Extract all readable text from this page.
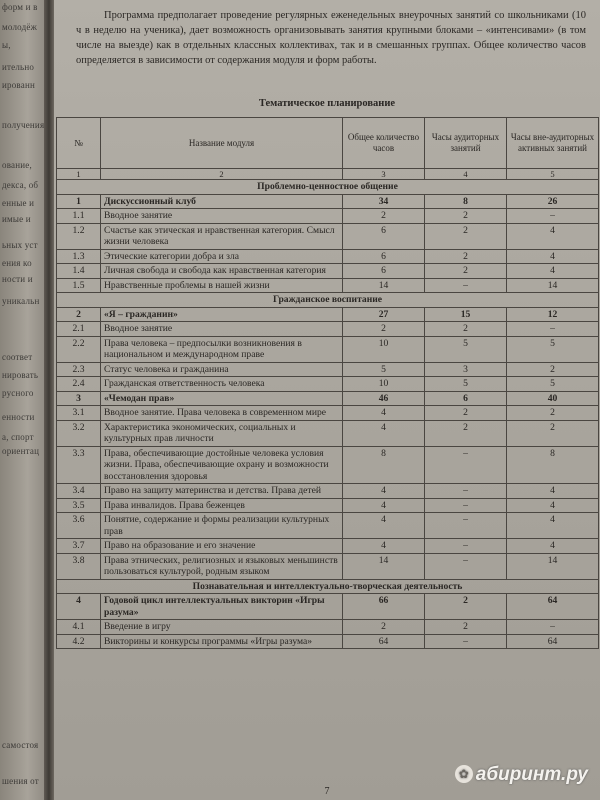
форм и в
молодёж
ы,
ительно
ированн
получения
ование,
декса, об
енные и
имые и
ьных уст
ения ко
ности и
уникальн
соответ
нировать
русного
енности
а, спорт
ориентац
самостоя
шения от

Программа предполагает проведение регулярных еженедельных внеурочных занятий со школьниками (10 ч в неделю на ученика), дает возможность организовывать занятия крупными блоками – «интенсивами» (в том числе на выезде) как в отдельных классных коллективах, так и в смешанных группах. Общее количество часов определяется в зависимости от содержания модуля и форм работы.

Тематическое планирование

№	Название модуля	Общее количество часов	Часы аудиторных занятий	Часы вне-аудиторных активных занятий
1	2	3	4	5
Проблемно-ценностное общение				
1	Дискуссионный клуб	34	8	26
1.1	Вводное занятие	2	2	–
1.2	Счастье как этическая и нравственная категория. Смысл жизни человека	6	2	4
1.3	Этические категории добра и зла	6	2	4
1.4	Личная свобода и свобода как нравственная категория	6	2	4
1.5	Нравственные проблемы в нашей жизни	14	–	14
Гражданское воспитание				
2	«Я – гражданин»	27	15	12
2.1	Вводное занятие	2	2	–
2.2	Права человека – предпосылки возникновения в национальном и международном праве	10	5	5
2.3	Статус человека и гражданина	5	3	2
2.4	Гражданская ответственность человека	10	5	5
3	«Чемодан прав»	46	6	40
3.1	Вводное занятие. Права человека в современном мире	4	2	2
3.2	Характеристика экономических, социальных и культурных прав личности	4	2	2
3.3	Права, обеспечивающие достойные человека условия жизни. Права, обеспечивающие охрану и возможности восстановления здоровья	8	–	8
3.4	Право на защиту материнства и детства. Права детей	4	–	4
3.5	Права инвалидов. Права беженцев	4	–	4
3.6	Понятие, содержание и формы реализации культурных прав	4	–	4
3.7	Право на образование и его значение	4	–	4
3.8	Права этнических, религиозных и языковых меньшинств пользоваться культурой, родным языком	14	–	14
Познавательная и интеллектуально-творческая деятельность				
4	Годовой цикл интеллектуальных викторин «Игры разума»	66	2	64
4.1	Введение в игру	2	2	–
4.2	Викторины и конкурсы программы «Игры разума»	64	–	64
7
✿ абиринт.ру
